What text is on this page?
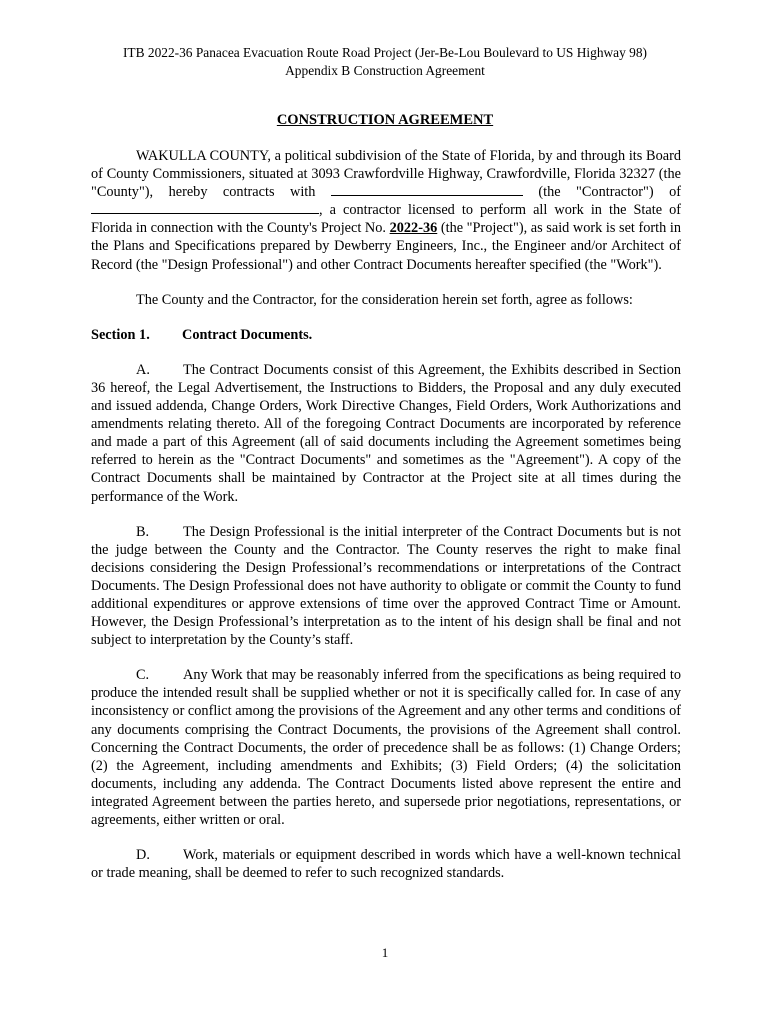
ITB 2022-36 Panacea Evacuation Route Road Project (Jer-Be-Lou Boulevard to US Highway 98)
Appendix B Construction Agreement
CONSTRUCTION AGREEMENT

WAKULLA COUNTY, a political subdivision of the State of Florida, by and through its Board of County Commissioners, situated at 3093 Crawfordville Highway, Crawfordville, Florida 32327 (the "County"), hereby contracts with	(the "Contractor") of , a contractor licensed to perform all work in the State of Florida in connection with the County's Project No. 2022-36 (the "Project"), as said work is set forth in the Plans and Specifications prepared by Dewberry Engineers, Inc., the Engineer and/or Architect of Record (the "Design Professional") and other Contract Documents hereafter specified (the "Work").

The County and the Contractor, for the consideration herein set forth, agree as follows:

Section 1. Contract Documents.

A. The Contract Documents consist of this Agreement, the Exhibits described in Section 36 hereof, the Legal Advertisement, the Instructions to Bidders, the Proposal and any duly executed and issued addenda, Change Orders, Work Directive Changes, Field Orders, Work Authorizations and amendments relating thereto. All of the foregoing Contract Documents are incorporated by reference and made a part of this Agreement (all of said documents including the Agreement sometimes being referred to herein as the "Contract Documents" and sometimes as the "Agreement"). A copy of the Contract Documents shall be maintained by Contractor at the Project site at all times during the performance of the Work.

B. The Design Professional is the initial interpreter of the Contract Documents but is not the judge between the County and the Contractor. The County reserves the right to make final decisions considering the Design Professional’s recommendations or interpretations of the Contract Documents. The Design Professional does not have authority to obligate or commit the County to fund additional expenditures or approve extensions of time over the approved Contract Time or Amount. However, the Design Professional’s interpretation as to the intent of his design shall be final and not subject to interpretation by the County’s staff.

C. Any Work that may be reasonably inferred from the specifications as being required to produce the intended result shall be supplied whether or not it is specifically called for. In case of any inconsistency or conflict among the provisions of the Agreement and any other terms and conditions of any documents comprising the Contract Documents, the provisions of the Agreement shall control. Concerning the Contract Documents, the order of precedence shall be as follows: (1) Change Orders; (2) the Agreement, including amendments and Exhibits; (3) Field Orders; (4) the solicitation documents, including any addenda. The Contract Documents listed above represent the entire and integrated Agreement between the parties hereto, and supersede prior negotiations, representations, or agreements, either written or oral.

D. Work, materials or equipment described in words which have a well-known technical or trade meaning, shall be deemed to refer to such recognized standards.

1
